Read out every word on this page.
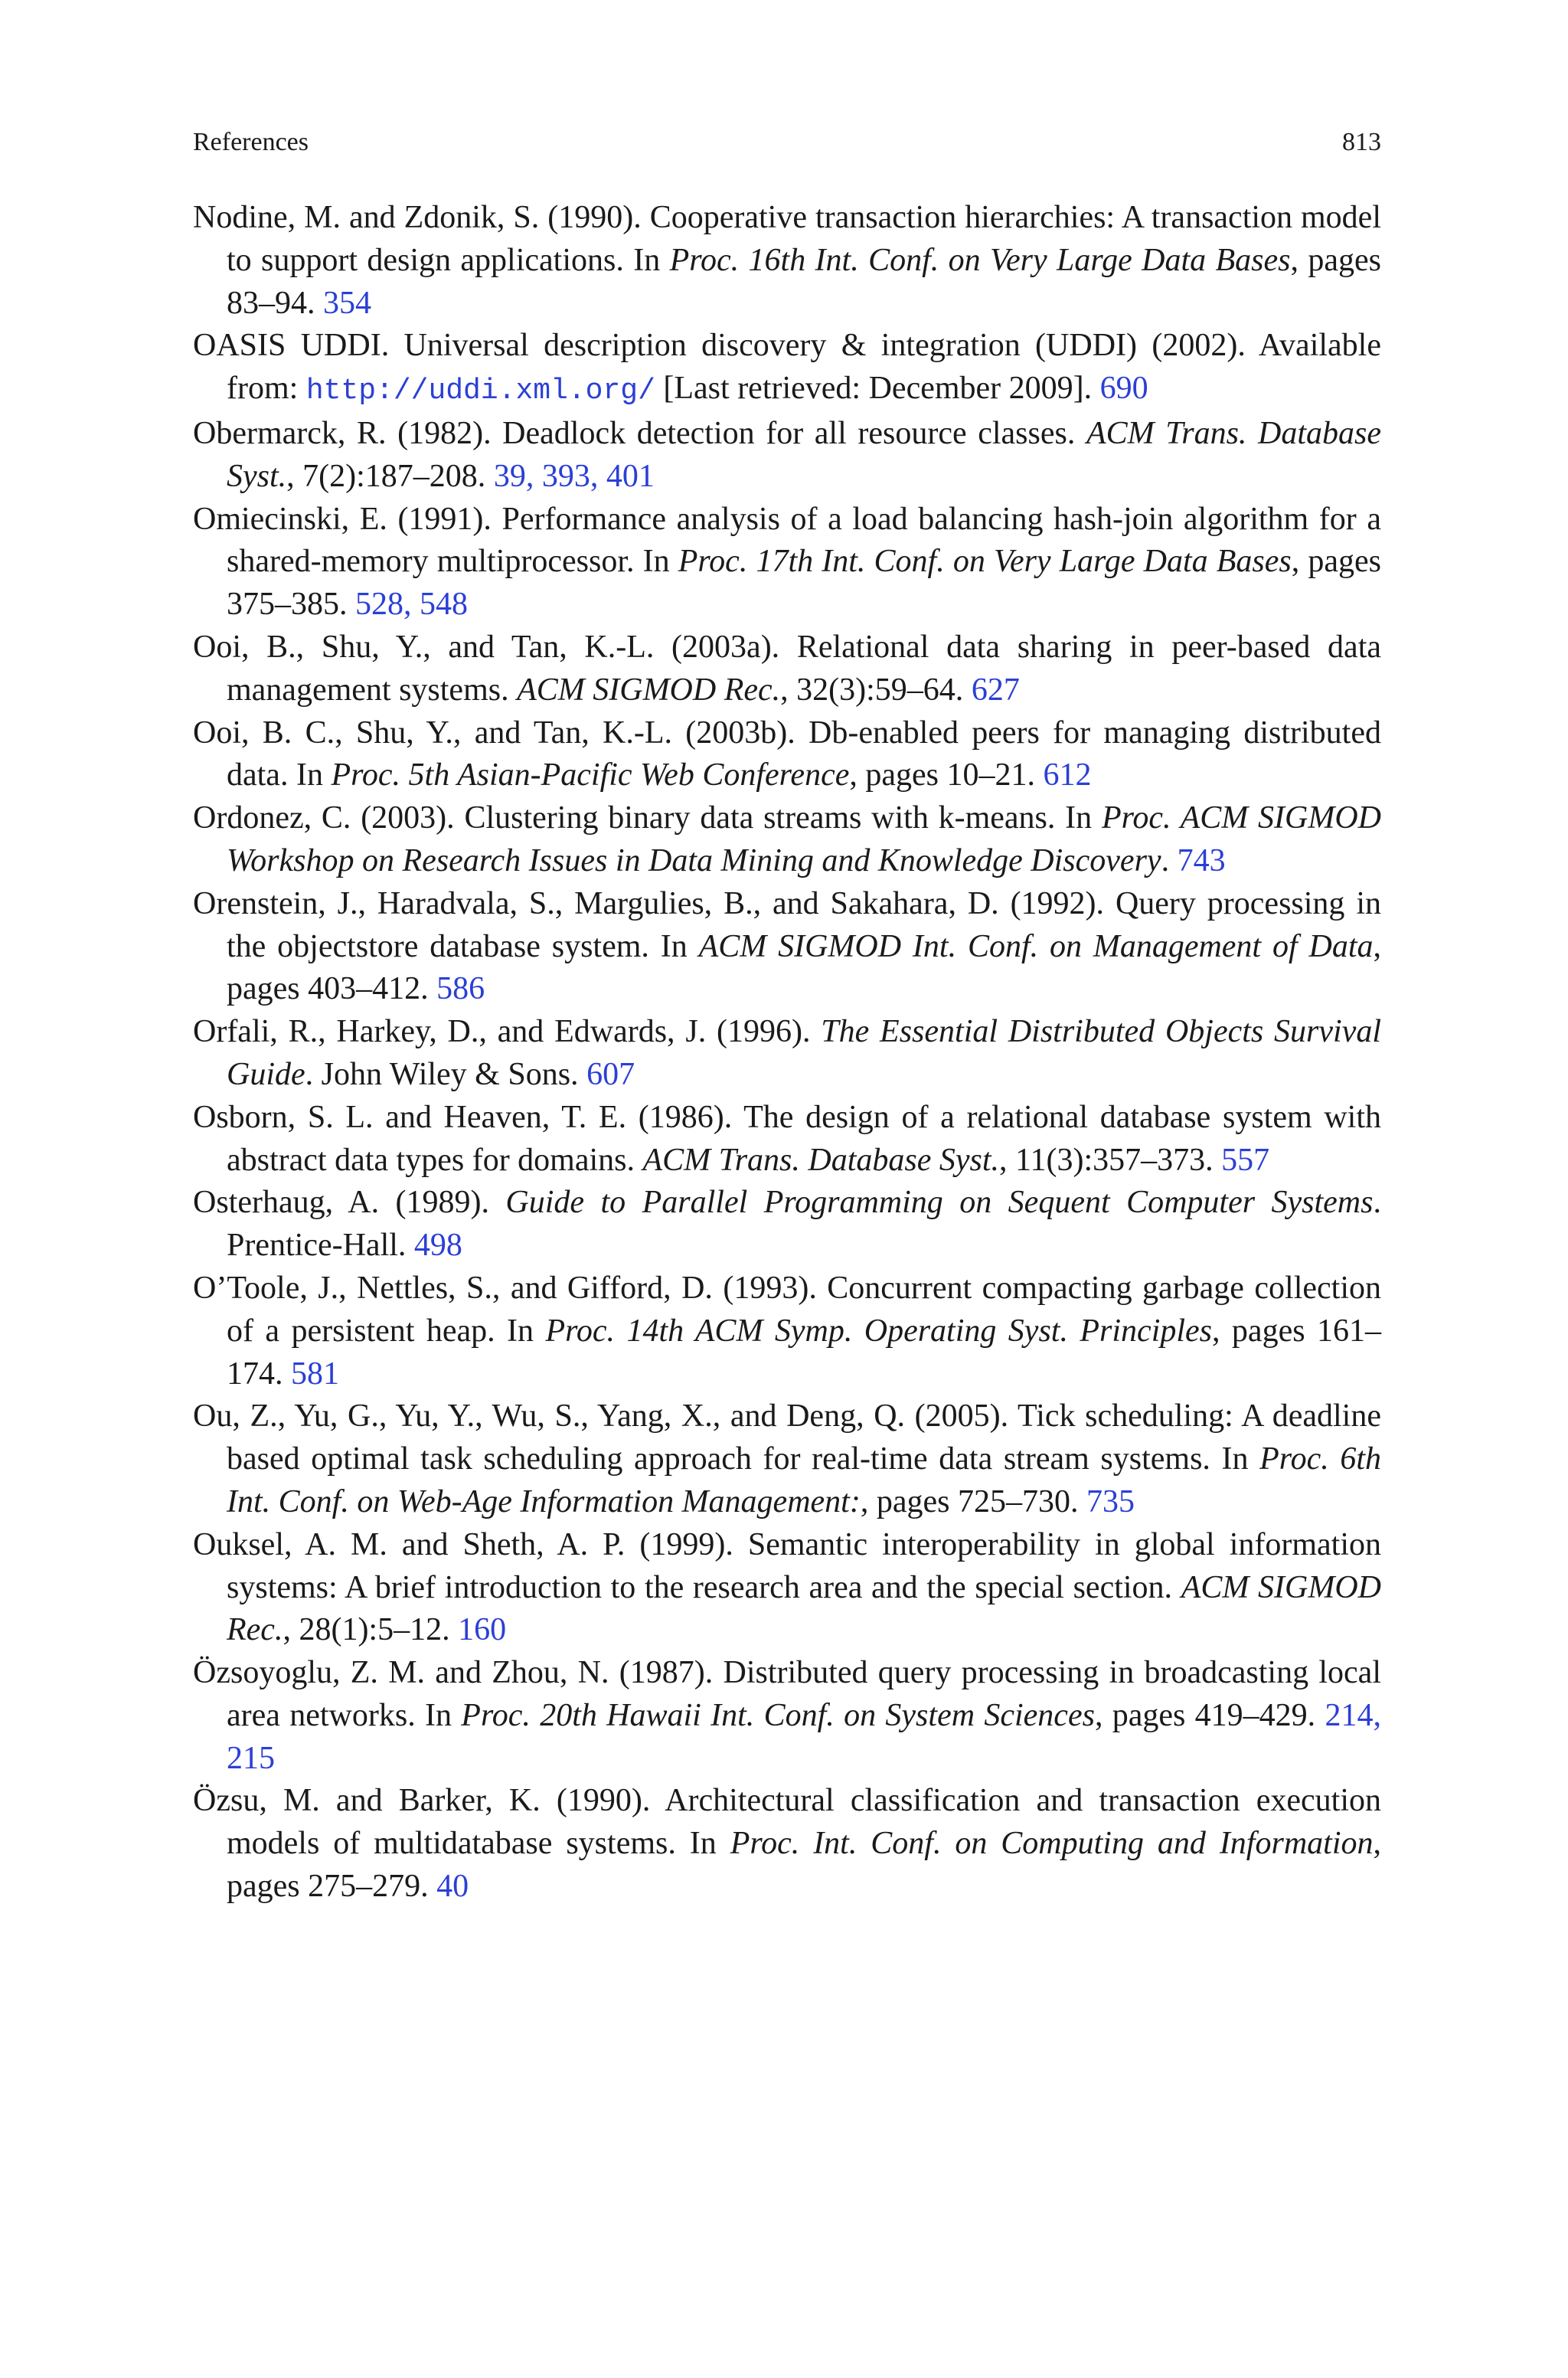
References	813
Nodine, M. and Zdonik, S. (1990). Cooperative transaction hierarchies: A transaction model to support design applications. In Proc. 16th Int. Conf. on Very Large Data Bases, pages 83–94. 354
OASIS UDDI. Universal description discovery & integration (UDDI) (2002). Available from: http://uddi.xml.org/ [Last retrieved: December 2009]. 690
Obermarck, R. (1982). Deadlock detection for all resource classes. ACM Trans. Database Syst., 7(2):187–208. 39, 393, 401
Omiecinski, E. (1991). Performance analysis of a load balancing hash-join algorithm for a shared-memory multiprocessor. In Proc. 17th Int. Conf. on Very Large Data Bases, pages 375–385. 528, 548
Ooi, B., Shu, Y., and Tan, K.-L. (2003a). Relational data sharing in peer-based data management systems. ACM SIGMOD Rec., 32(3):59–64. 627
Ooi, B. C., Shu, Y., and Tan, K.-L. (2003b). Db-enabled peers for managing distributed data. In Proc. 5th Asian-Pacific Web Conference, pages 10–21. 612
Ordonez, C. (2003). Clustering binary data streams with k-means. In Proc. ACM SIGMOD Workshop on Research Issues in Data Mining and Knowledge Discovery. 743
Orenstein, J., Haradvala, S., Margulies, B., and Sakahara, D. (1992). Query processing in the objectstore database system. In ACM SIGMOD Int. Conf. on Management of Data, pages 403–412. 586
Orfali, R., Harkey, D., and Edwards, J. (1996). The Essential Distributed Objects Survival Guide. John Wiley & Sons. 607
Osborn, S. L. and Heaven, T. E. (1986). The design of a relational database system with abstract data types for domains. ACM Trans. Database Syst., 11(3):357–373. 557
Osterhaug, A. (1989). Guide to Parallel Programming on Sequent Computer Systems. Prentice-Hall. 498
O’Toole, J., Nettles, S., and Gifford, D. (1993). Concurrent compacting garbage collection of a persistent heap. In Proc. 14th ACM Symp. Operating Syst. Principles, pages 161–174. 581
Ou, Z., Yu, G., Yu, Y., Wu, S., Yang, X., and Deng, Q. (2005). Tick scheduling: A deadline based optimal task scheduling approach for real-time data stream systems. In Proc. 6th Int. Conf. on Web-Age Information Management:, pages 725–730. 735
Ouksel, A. M. and Sheth, A. P. (1999). Semantic interoperability in global information systems: A brief introduction to the research area and the special section. ACM SIGMOD Rec., 28(1):5–12. 160
Özsoyoglu, Z. M. and Zhou, N. (1987). Distributed query processing in broadcasting local area networks. In Proc. 20th Hawaii Int. Conf. on System Sciences, pages 419–429. 214, 215
Özsu, M. and Barker, K. (1990). Architectural classification and transaction execution models of multidatabase systems. In Proc. Int. Conf. on Computing and Information, pages 275–279. 40
